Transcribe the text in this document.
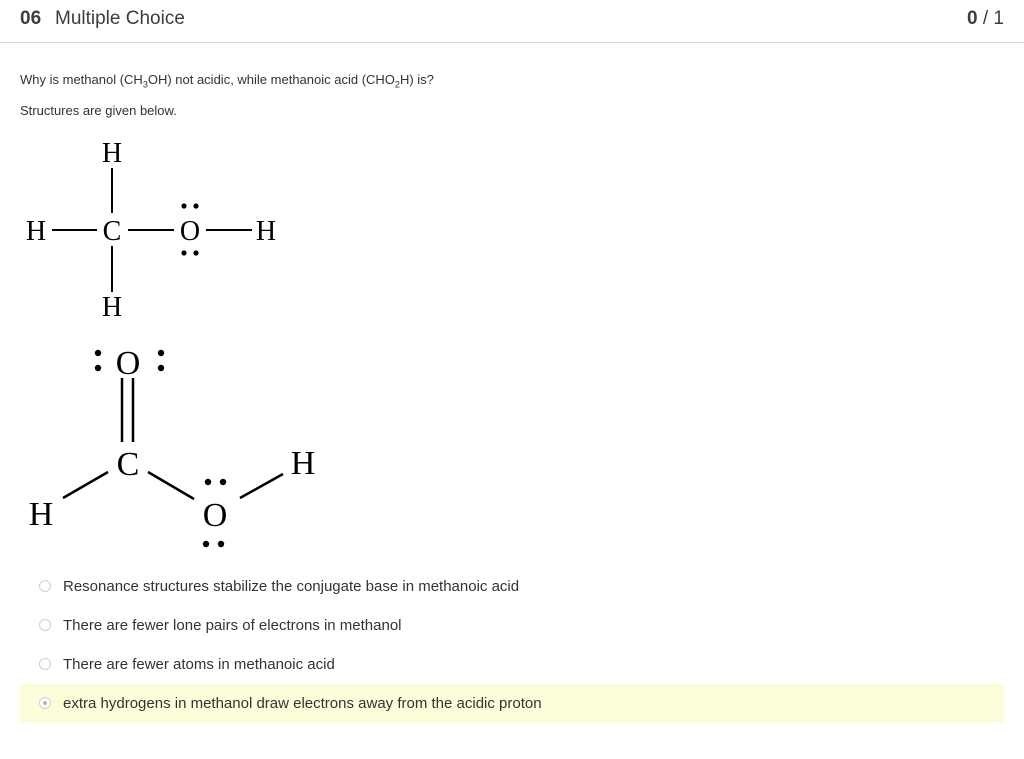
06 Multiple Choice	0 / 1
Why is methanol $(CH_3OH)$ not acidic, while methanoic acid $(CHO_2H)$ is?
Structures are given below.
H
H C O H
H
O
C
H	O
H
Resonance structures stabilize the conjugate base in methanoic acid
There are fewer lone pairs of electrons in methanol
There are fewer atoms in methanoic acid
extra hydrogens in methanol draw electrons away from the acidic proton
